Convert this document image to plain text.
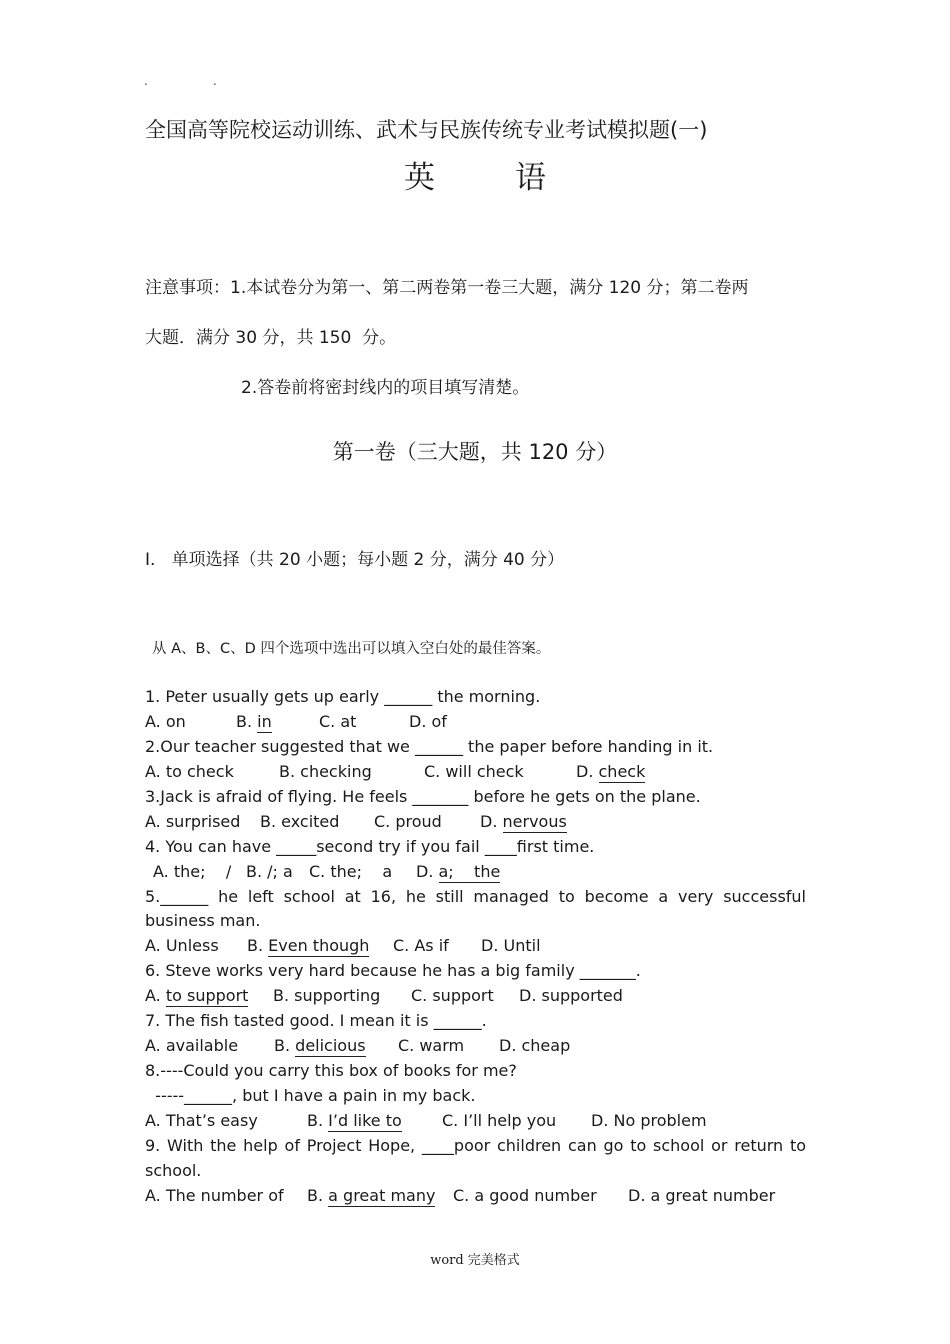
.	.
全国高等院校运动训练、武术与民族传统专业考试模拟题(一)
英	语
注意事项：1.本试卷分为第一、第二两卷第一卷三大题，满分 120 分；第二卷两
大题．满分 30 分，共 150  分。
2.答卷前将密封线内的项目填写清楚。
第一卷（三大题，共 120 分）
I.   单项选择（共 20 小题；每小题 2 分，满分 40 分）
从 A、B、C、D 四个选项中选出可以填入空白处的最佳答案。
1. Peter usually gets up early ______ the morning.
A. on	B. in	C. at	D. of
2.Our teacher suggested that we ______ the paper before handing in it.
A. to check	B. checking	C. will check	D. check
3.Jack is afraid of flying. He feels _______ before he gets on the plane.
A. surprised B. excited C. proud D. nervous
4. You can have _____second try if you fail ____first time.
A. the;    / B. /; a C. the;    a D. a;    the
5.______ he left school at 16, he still managed to become a very successful
business man.
A. Unless B. Even though C. As if D. Until
6. Steve works very hard because he has a big family _______.
A. to support B. supporting C. support D. supported
7. The fish tasted good. I mean it is ______.
A. available B. delicious C. warm D. cheap
8.----Could you carry this box of books for me?
-----______, but I have a pain in my back.
A. That’s easy	B. I’d like to	C. I’ll help you D. No problem
9. With the help of Project Hope, ____poor children can go to school or return to
school.
A. The number of B. a great many C. a good number D. a great number
word 完美格式
